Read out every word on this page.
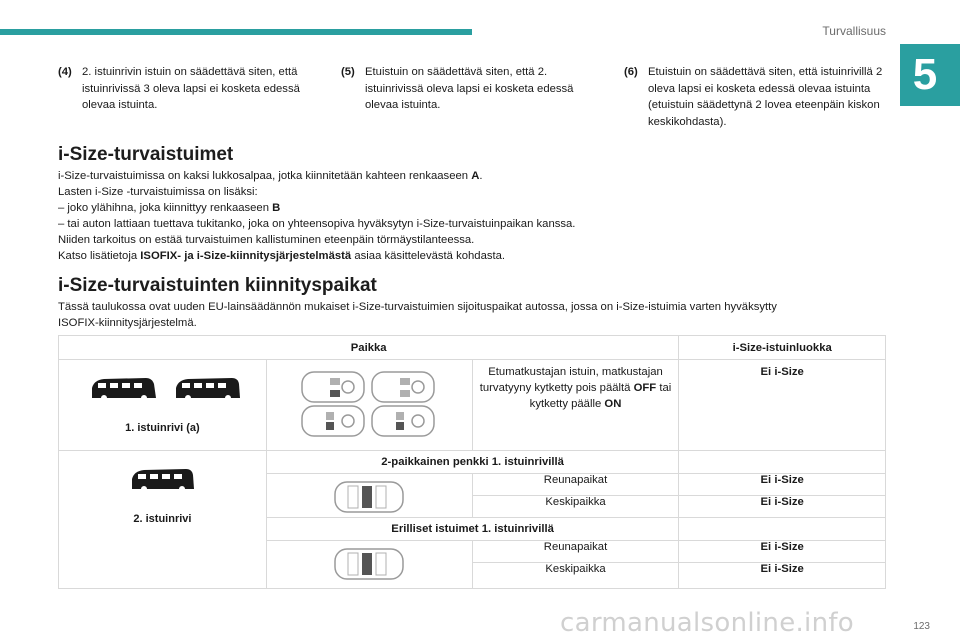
Turvallisuus
5
(4) 2. istuinrivin istuin on säädettävä siten, että istuinrivissä 3 oleva lapsi ei kosketa edessä olevaa istuinta.
(5) Etuistuin on säädettävä siten, että 2. istuinrivissä oleva lapsi ei kosketa edessä olevaa istuinta.
(6) Etuistuin on säädettävä siten, että istuinrivillä 2 oleva lapsi ei kosketa edessä olevaa istuinta (etuistuin säädettynä 2 lovea eteenpäin kiskon keskikohdasta).
i-Size-turvaistuimet
i-Size-turvaistuimissa on kaksi lukkosalpaa, jotka kiinnitetään kahteen renkaaseen A.
Lasten i-Size -turvaistuimissa on lisäksi:
– joko ylähihna, joka kiinnittyy renkaaseen B
– tai auton lattiaan tuettava tukitanko, joka on yhteensopiva hyväksytyn i-Size-turvaistuinpaikan kanssa.
Niiden tarkoitus on estää turvaistuimen kallistuminen eteenpäin törmäystilanteessa.
Katso lisätietoja ISOFIX- ja i-Size-kiinnitysjärjestelmästä asiaa käsittelevästä kohdasta.
i-Size-turvaistuinten kiinnityspaikat
Tässä taulukossa ovat uuden EU-lainsäädännön mukaiset i-Size-turvaistuimien sijoituspaikat autossa, jossa on i-Size-istuimia varten hyväksytty
ISOFIX-kiinnitysjärjestelmä.
Paikka			i-Size-istuinluokka

1. istuinrivi (a)		Etumatkustajan istuin, matkustajan turvatyyny kytketty pois päältä OFF tai kytketty päälle ON	Ei i-Size

2. istuinrivi	2-paikkainen penkki 1. istuinrivillä		
	Reunapaikat	Ei i-Size
		Keskipaikka	Ei i-Size
	Erilliset istuimet 1. istuinrivillä		
	Reunapaikat	Ei i-Size
		Keskipaikka	Ei i-Size
carmanualsonline.info	123
